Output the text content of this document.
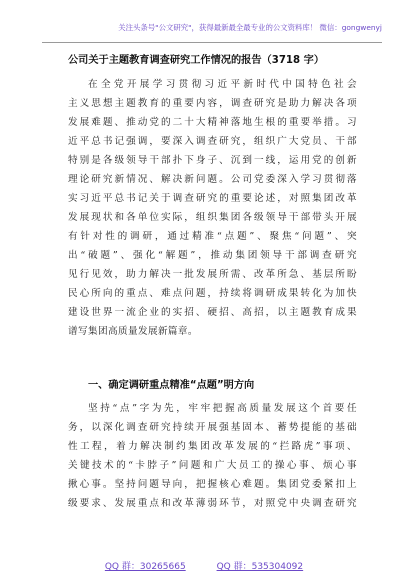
关注头条号"公文研究"，获得最新最全最专业的公文资料库！ 微信：gongwenyj
公司关于主题教育调查研究工作情况的报告（3718 字）
在全党开展学习贯彻习近平新时代中国特色社会
主义思想主题教育的重要内容，调查研究是助力解决各项
发展难题、推动党的二十大精神落地生根的重要举措。习
近平总书记强调，要深入调查研究，组织广大党员、干部
特别是各级领导干部扑下身子、沉到一线，运用党的创新
理论研究新情况、解决新问题。公司党委深入学习贯彻落
实习近平总书记关于调查研究的重要论述，对照集团改革
发展现状和各单位实际，组织集团各级领导干部带头开展
有针对性的调研，通过精准“点题”、聚焦“问题”、突
出“破题”、强化“解题”，推动集团领导干部调查研究
见行见效，助力解决一批发展所需、改革所急、基层所盼
民心所向的重点、难点问题，持续将调研成果转化为加快
建设世界一流企业的实招、硬招、高招，以主题教育成果
谱写集团高质量发展新篇章。
一、确定调研重点精准“点题”明方向
坚持“点”字为先，牢牢把握高质量发展这个首要任
务，以深化调查研究持续开展强基固本、蓄势提能的基础
性工程，着力解决制约集团改革发展的“拦路虎”事项、
关键技术的“卡脖子”问题和广大员工的操心事、烦心事
揪心事。坚持问题导向，把握核心难题。集团党委紧扣上
级要求、发展重点和改革薄弱环节，对照党中央调查研究
QQ 群：30265665	QQ 群：535304092
